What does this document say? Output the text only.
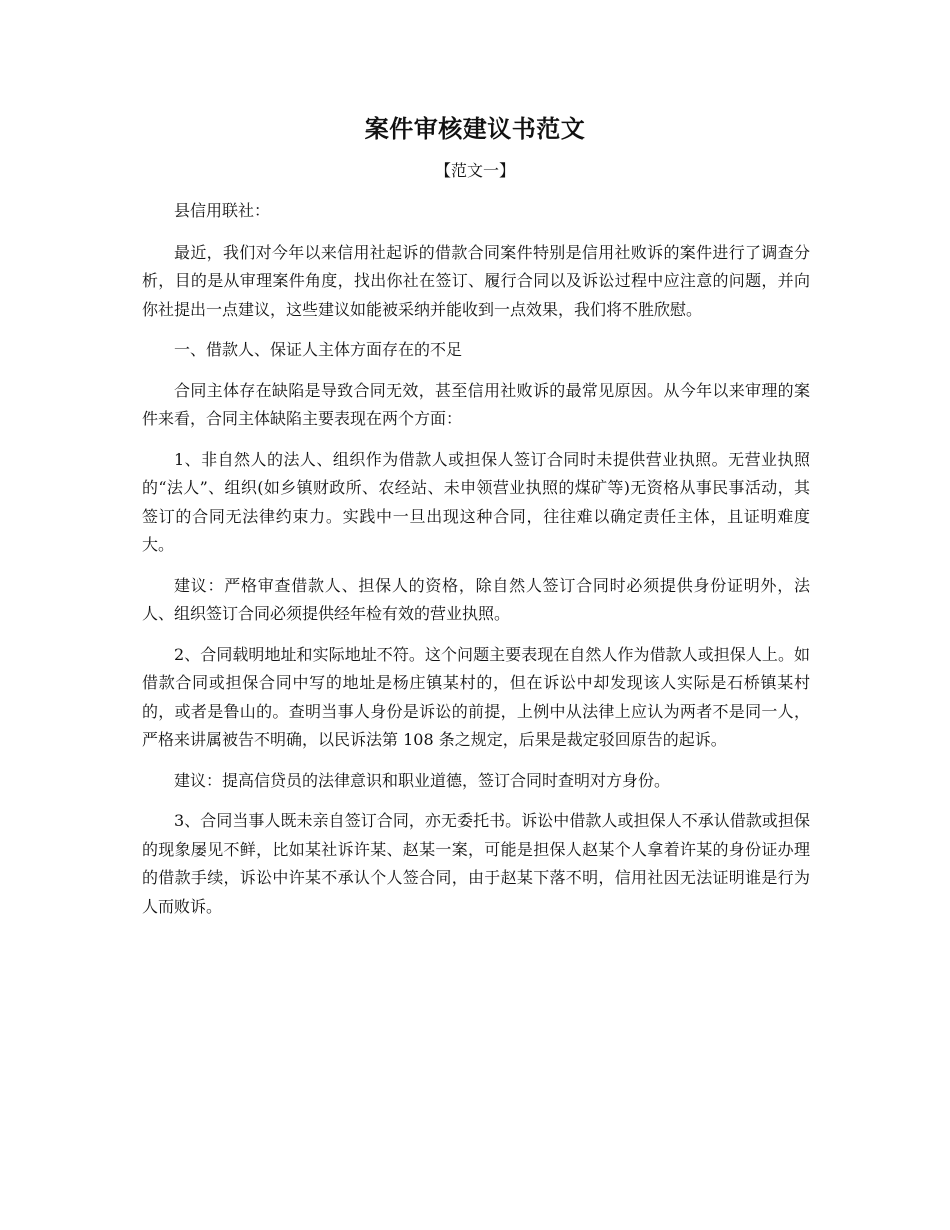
案件审核建议书范文
【范文一】

县信用联社：

最近，我们对今年以来信用社起诉的借款合同案件特别是信用社败诉的案件进行了调查分析，目的是从审理案件角度，找出你社在签订、履行合同以及诉讼过程中应注意的问题，并向你社提出一点建议，这些建议如能被采纳并能收到一点效果，我们将不胜欣慰。

一、借款人、保证人主体方面存在的不足

合同主体存在缺陷是导致合同无效，甚至信用社败诉的最常见原因。从今年以来审理的案件来看，合同主体缺陷主要表现在两个方面：

1、非自然人的法人、组织作为借款人或担保人签订合同时未提供营业执照。无营业执照的“法人”、组织(如乡镇财政所、农经站、未申领营业执照的煤矿等)无资格从事民事活动，其签订的合同无法律约束力。实践中一旦出现这种合同，往往难以确定责任主体，且证明难度大。

建议：严格审查借款人、担保人的资格，除自然人签订合同时必须提供身份证明外，法人、组织签订合同必须提供经年检有效的营业执照。

2、合同载明地址和实际地址不符。这个问题主要表现在自然人作为借款人或担保人上。如借款合同或担保合同中写的地址是杨庄镇某村的，但在诉讼中却发现该人实际是石桥镇某村的，或者是鲁山的。查明当事人身份是诉讼的前提，上例中从法律上应认为两者不是同一人，严格来讲属被告不明确，以民诉法第 108 条之规定，后果是裁定驳回原告的起诉。

建议：提高信贷员的法律意识和职业道德，签订合同时查明对方身份。

3、合同当事人既未亲自签订合同，亦无委托书。诉讼中借款人或担保人不承认借款或担保的现象屡见不鲜，比如某社诉许某、赵某一案，可能是担保人赵某个人拿着许某的身份证办理的借款手续，诉讼中许某不承认个人签合同，由于赵某下落不明，信用社因无法证明谁是行为人而败诉。
